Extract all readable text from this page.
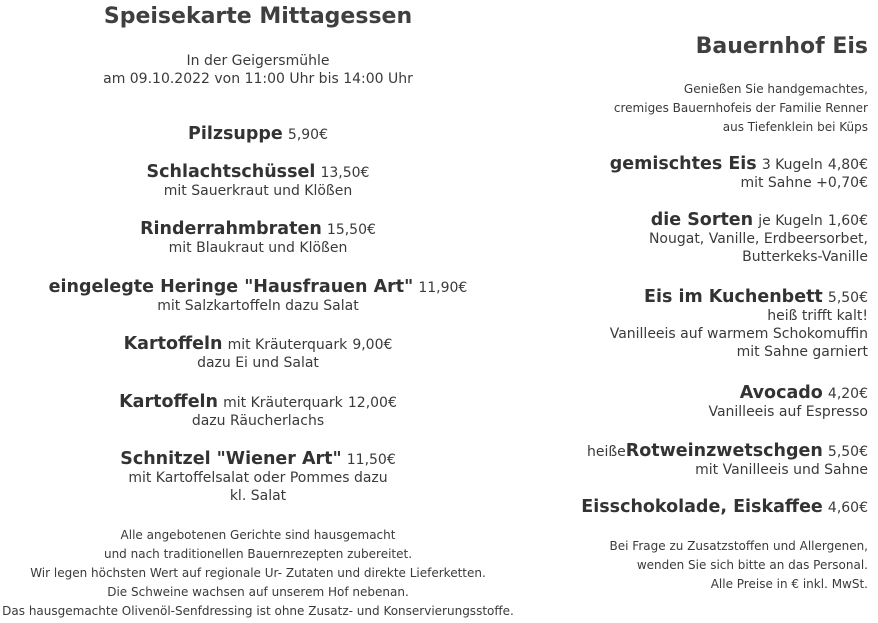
Speisekarte Mittagessen
In der Geigersmühle
am 09.10.2022 von 11:00 Uhr bis 14:00 Uhr
Pilzsuppe 5,90€
Schlachtschüssel 13,50€
mit Sauerkraut und Klößen
Rinderrahmbraten 15,50€
mit Blaukraut und Klößen
eingelegte Heringe "Hausfrauen Art" 11,90€
mit Salzkartoffeln dazu Salat
Kartoffeln mit Kräuterquark 9,00€
dazu Ei und Salat
Kartoffeln mit Kräuterquark 12,00€
dazu Räucherlachs
Schnitzel "Wiener Art" 11,50€
mit Kartoffelsalat oder Pommes dazu
kl. Salat
Alle angebotenen Gerichte sind hausgemacht
und nach traditionellen Bauernrezepten zubereitet.
Wir legen höchsten Wert auf regionale Ur- Zutaten und direkte Lieferketten.
Die Schweine wachsen auf unserem Hof nebenan.
Das hausgemachte Olivenöl-Senfdressing ist ohne Zusatz- und Konservierungsstoffe.
Bauernhof Eis
Genießen Sie handgemachtes,
cremiges Bauernhofeis der Familie Renner
aus Tiefenklein bei Küps
gemischtes Eis 3 Kugeln 4,80€
mit Sahne +0,70€
die Sorten je Kugeln 1,60€
Nougat, Vanille, Erdbeersorbet,
Butterkeks-Vanille
Eis im Kuchenbett 5,50€
heiß trifft kalt!
Vanilleeis auf warmem Schokomuffin
mit Sahne garniert
Avocado 4,20€
Vanilleeis auf Espresso
heißeRotweinzwetschgen 5,50€
mit Vanilleeis und Sahne
Eisschokolade, Eiskaffee 4,60€
Bei Frage zu Zusatzstoffen und Allergenen,
wenden Sie sich bitte an das Personal.
Alle Preise in € inkl. MwSt.
